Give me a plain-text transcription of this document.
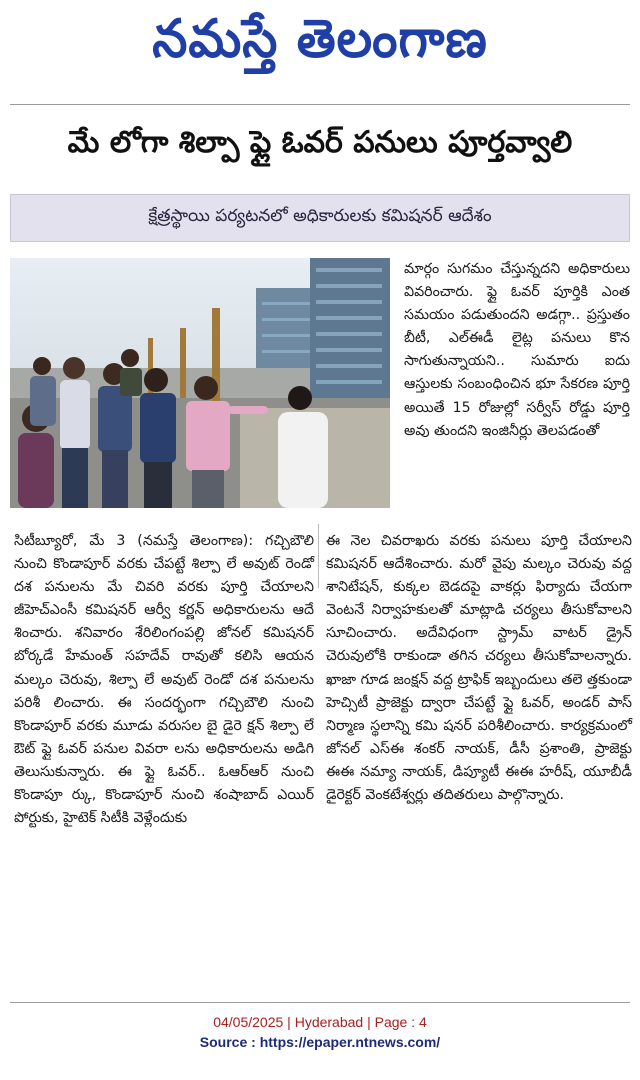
నమస్తే తెలంగాణ
మే లోగా శిల్పా ఫ్లై ఓవర్ పనులు పూర్తవ్వాలి
క్షేత్రస్థాయి పర్యటనలో అధికారులకు కమిషనర్ ఆదేశం

మార్గం సుగమం చేస్తున్నదని అధికారులు వివరించారు. ఫ్లై ఓవర్ పూర్తికి ఎంత సమయం పడుతుందని అడగ్గా.. ప్రస్తుతం బీటీ, ఎల్ఈడీ లైట్ల పనులు కొన సాగుతున్నాయని.. సుమారు ఐదు ఆస్తులకు సంబంధించిన భూ సేకరణ పూర్తి అయితే 15 రోజుల్లో సర్వీస్ రోడ్డు పూర్తి అవు తుందని ఇంజినీర్లు తెలపడంతో

సిటీబ్యూరో, మే 3 (నమస్తే తెలంగాణ): గచ్చిబౌలి నుంచి కొండాపూర్ వరకు చేపట్టే శిల్పా లే అవుట్ రెండో దశ పనులను మే చివరి వరకు పూర్తి చేయాలని జీహెచ్ఎంసీ కమిషనర్ ఆర్వీ కర్ణన్ అధికారులను ఆదే శించారు. శనివారం శేరిలింగంపల్లి జోనల్ కమిషనర్ బోర్కడే హేమంత్ సహదేవ్ రావుతో కలిసి ఆయన మల్కం చెరువు, శిల్పా లే అవుట్ రెండో దశ పనులను పరిశీ లించారు. ఈ సందర్భంగా గచ్చిబౌలి నుంచి కొండాపూర్ వరకు మూడు వరుసల బై డైరె క్షన్ శిల్పా లే ఔట్ ఫ్లై ఓవర్ పనుల వివరా లను అధికారులను అడిగి తెలుసుకున్నారు. ఈ ఫ్లై ఓవర్.. ఓఆర్ఆర్ నుంచి కొండాపూ ర్కు, కొండాపూర్ నుంచి శంషాబాద్ ఎయిర్ పోర్టుకు, హైటెక్ సిటీకి వెళ్లేందుకు

ఈ నెల చివరాఖరు వరకు పనులు పూర్తి చేయాలని కమిషనర్ ఆదేశించారు. మరో వైపు మల్కం చెరువు వద్ద శానిటేషన్, కుక్కల బెడదపై వాకర్లు ఫిర్యాదు చేయగా వెంటనే నిర్వాహకులతో మాట్లాడి చర్యలు తీసుకోవాలని సూచించారు. అదేవిధంగా స్ట్రామ్ వాటర్ డ్రైన్ చెరువులోకి రాకుండా తగిన చర్యలు తీసుకోవాలన్నారు. ఖాజా గూడ జంక్షన్ వద్ద ట్రాఫిక్ ఇబ్బందులు తలె త్తకుండా హెచ్సిటీ ప్రాజెక్టు ద్వారా చేపట్టే ఫ్లై ఓవర్, అండర్ పాస్ నిర్మాణ స్థలాన్ని కమి షనర్ పరిశీలించారు. కార్యక్రమంలో జోనల్ ఎస్ఈ శంకర్ నాయక్, డీసీ ప్రశాంతి, ప్రాజెక్టు ఈఈ నమ్యా నాయక్, డిప్యూటీ ఈఈ హరీష్, యూబీడీ డైరెక్టర్ వెంకటేశ్వర్లు తదితరులు పాల్గొన్నారు.

04/05/2025 | Hyderabad | Page : 4
Source : https://epaper.ntnews.com/
